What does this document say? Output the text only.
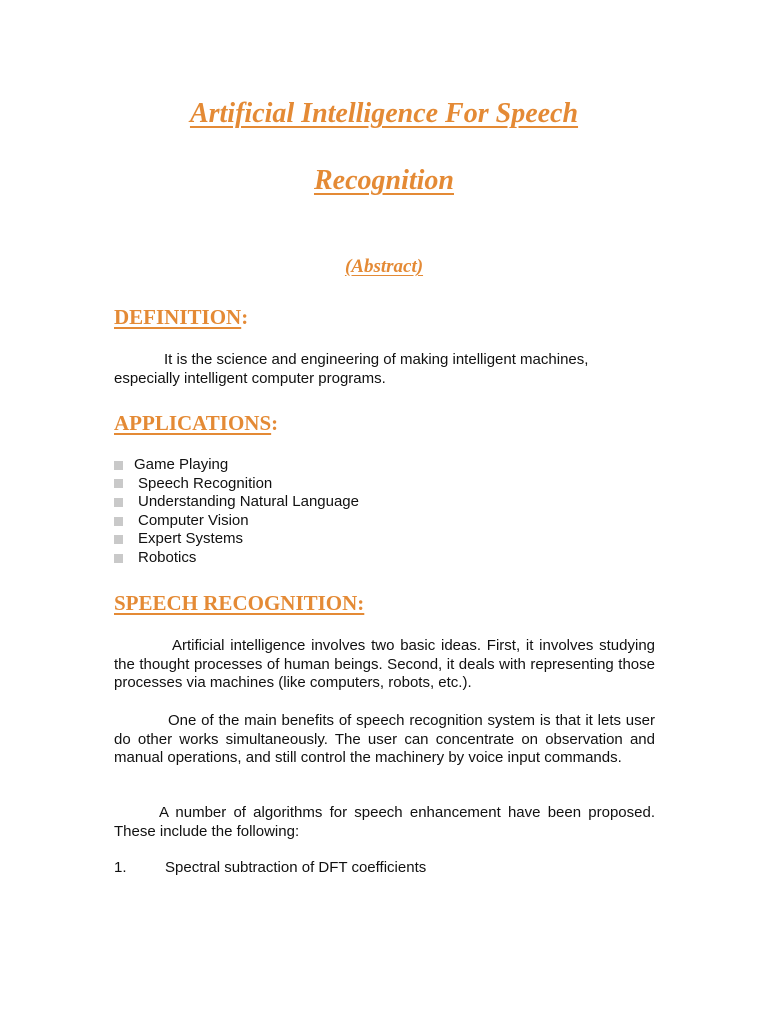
Artificial Intelligence For Speech
Recognition
(Abstract)
DEFINITION:

It is the science and engineering of making intelligent machines, especially intelligent computer programs.

APPLICATIONS:
Game Playing
Speech Recognition
Understanding Natural Language
Computer Vision
Expert Systems
Robotics
SPEECH RECOGNITION:

Artificial intelligence involves two basic ideas. First, it involves studying the thought processes of human beings. Second, it deals with representing those processes via machines (like computers, robots, etc.).

One of the main benefits of speech recognition system is that it lets user do other works simultaneously. The user can concentrate on observation and manual operations, and still control the machinery by voice input commands.

A number of algorithms for speech enhancement have been proposed. These include the following:

1.	Spectral subtraction of DFT coefficients
